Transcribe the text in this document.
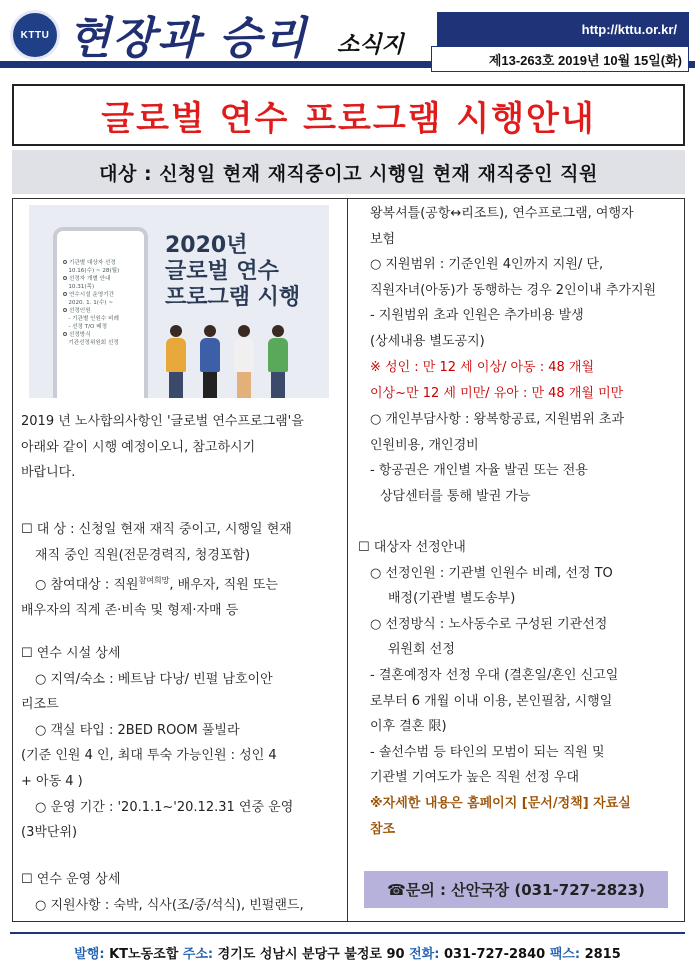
KTTU 현장과 승리 소식지
http://kttu.or.kr/
제13-263호 2019년 10월 15일(화)
글로벌 연수 프로그램 시행안내
대상 : 신청일 현재 재직중이고 시행일 현재 재직중인 직원
기관별 대상자 선정
10.16(수) ~ 28(월)
선정자 개별 안내
10.31(목)
연수시설 운영기간
2020. 1. 1(수) ~
선정인원
- 기관별 인원수 비례
- 선정 T/O 배정
선정방식
기관선정위원회 선정
2020년
글로벌 연수
프로그램 시행
2019 년 노사합의사항인 '글로벌 연수프로그램'을
아래와 같이 시행 예정이오니, 참고하시기
바랍니다.
☐ 대 상 : 신청일 현재 재직 중이고, 시행일 현재
재직 중인 직원(전문경력직, 청경포함)
○ 참여대상 : 직원$^{참여희망}$, 배우자, 직원 또는
배우자의 직계 존·비속 및 형제·자매 등
☐ 연수 시설 상세
○ 지역/숙소 : 베트남 다낭/ 빈펄 남호이안
리조트
○ 객실 타입 : 2BED ROOM 풀빌라
(기준 인원 4 인, 최대 투숙 가능인원 : 성인 4
+ 아동 4 )
○ 운영 기간 : '20.1.1~'20.12.31 연중 운영
(3박단위)
☐ 연수 운영 상세
○ 지원사항 : 숙박, 식사(조/중/석식), 빈펄랜드,
왕복셔틀(공항↔리조트), 연수프로그램, 여행자
보험
○ 지원범위 : 기준인원 4인까지 지원/ 단,
직원자녀(아동)가 동행하는 경우 2인이내 추가지원
- 지원범위 초과 인원은 추가비용 발생
(상세내용 별도공지)
※ 성인 : 만 12 세 이상/ 아동 : 48 개월
이상~만 12 세 미만/ 유아 : 만 48 개월 미만
○ 개인부담사항 : 왕복항공료, 지원범위 초과
인원비용, 개인경비
- 항공권은 개인별 자율 발권 또는 전용
상담센터를 통해 발권 가능
☐ 대상자 선정안내
○ 선정인원 : 기관별 인원수 비례, 선정 TO
배정(기관별 별도송부)
○ 선정방식 : 노사동수로 구성된 기관선정
위원회 선정
- 결혼예정자 선정 우대 (결혼일/혼인 신고일
로부터 6 개월 이내 이용, 본인필참, 시행일
이후 결혼 限)
- 솔선수범 등 타인의 모범이 되는 직원 및
기관별 기여도가 높은 직원 선정 우대
※자세한 내용은 홈페이지 [문서/정책] 자료실
참조
☎문의 : 산안국장 (031-727-2823)
발행: KT노동조합 주소: 경기도 성남시 분당구 불정로 90 전화: 031-727-2840 팩스: 2815
